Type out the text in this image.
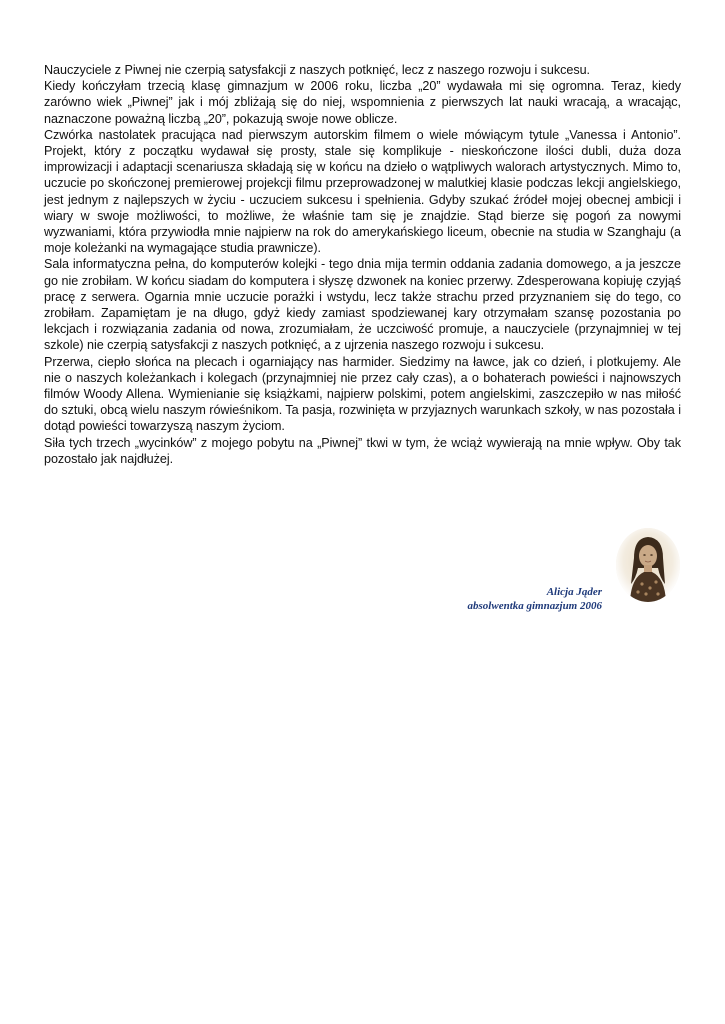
Nauczyciele z Piwnej nie czerpią satysfakcji z naszych potknięć, lecz z naszego rozwoju i sukcesu.

Kiedy kończyłam trzecią klasę gimnazjum w 2006 roku, liczba „20” wydawała mi się ogromna. Teraz, kiedy zarówno wiek „Piwnej” jak i mój zbliżają się do niej, wspomnienia z pierwszych lat nauki wracają, a wracając, naznaczone poważną liczbą „20”, pokazują swoje nowe oblicze.

Czwórka nastolatek pracująca nad pierwszym autorskim filmem o wiele mówiącym tytule „Vanessa i Antonio”. Projekt, który z początku wydawał się prosty, stale się komplikuje - nieskończone ilości dubli, duża doza improwizacji i adaptacji scenariusza składają się w końcu na dzieło o wątpliwych walorach artystycznych. Mimo to, uczucie po skończonej premierowej projekcji filmu przeprowadzonej w malutkiej klasie podczas lekcji angielskiego, jest jednym z najlepszych w życiu - uczuciem sukcesu i spełnienia. Gdyby szukać źródeł mojej obecnej ambicji i wiary w swoje możliwości, to możliwe, że właśnie tam się je znajdzie. Stąd bierze się pogoń za nowymi wyzwaniami, która przywiodła mnie najpierw na rok do amerykańskiego liceum, obecnie na studia w Szanghaju (a moje koleżanki na wymagające studia prawnicze).

Sala informatyczna pełna, do komputerów kolejki - tego dnia mija termin oddania zadania domowego, a ja jeszcze go nie zrobiłam. W końcu siadam do komputera i słyszę dzwonek na koniec przerwy. Zdesperowana kopiuję czyjąś pracę z serwera. Ogarnia mnie uczucie porażki i wstydu, lecz także strachu przed przyznaniem się do tego, co zrobiłam. Zapamiętam je na długo, gdyż kiedy zamiast spodziewanej kary otrzymałam szansę pozostania po lekcjach i rozwiązania zadania od nowa, zrozumiałam, że uczciwość promuje, a nauczyciele (przynajmniej w tej szkole) nie czerpią satysfakcji z naszych potknięć, a z ujrzenia naszego rozwoju i sukcesu.

Przerwa, ciepło słońca na plecach i ogarniający nas harmider. Siedzimy na ławce, jak co dzień, i plotkujemy. Ale nie o naszych koleżankach i kolegach (przynajmniej nie przez cały czas), a o bohaterach powieści i najnowszych filmów Woody Allena. Wymienianie się książkami, najpierw polskimi, potem angielskimi, zaszczepiło w nas miłość do sztuki, obcą wielu naszym rówieśnikom. Ta pasja, rozwinięta w przyjaznych warunkach szkoły, w nas pozostała i dotąd powieści towarzyszą naszym życiom.

Siła tych trzech „wycinków” z mojego pobytu na „Piwnej” tkwi w tym, że wciąż wywierają na mnie wpływ. Oby tak pozostało jak najdłużej.

Alicja Jąder
absolwentka gimnazjum 2006
